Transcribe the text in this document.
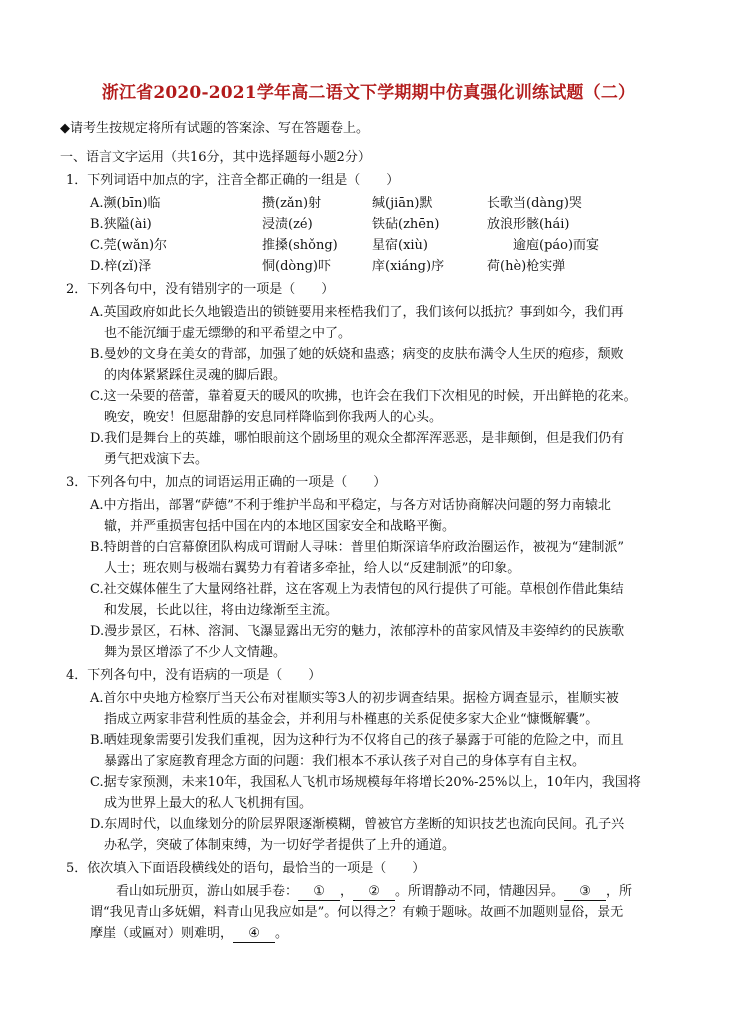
浙江省2020-2021学年高二语文下学期期中仿真强化训练试题（二）
◆请考生按规定将所有试题的答案涂、写在答题卷上。
一、语言文字运用（共16分，其中选择题每小题2分）
1．下列词语中加点的字，注音全都正确的一组是（　　）
A.濒(bīn)临	攒(zǎn)射	缄(jiān)默	长歌当(dàng)哭
B.狭隘(ài)	浸渍(zé)	铁砧(zhēn)	放浪形骸(hái)
C.莞(wǎn)尔	推搡(shǒng)	星宿(xiù)	逾庖(páo)而宴
D.梓(zǐ)泽	恫(dòng)吓	庠(xiáng)序	荷(hè)枪实弹
2．下列各句中，没有错别字的一项是（　　）
A.英国政府如此长久地锻造出的锁链要用来桎梏我们了，我们该何以抵抗？事到如今，我们再
也不能沉缅于虚无缥缈的和平希望之中了。
B.曼妙的文身在美女的背部，加强了她的妖娆和蛊惑；病变的皮肤布满令人生厌的疱疹，颓败
的肉体紧紧踩住灵魂的脚后跟。
C.这一朵要的蓓蕾，靠着夏天的暖风的吹拂，也许会在我们下次相见的时候，开出鲜艳的花来。
晚安，晚安！但愿甜静的安息同样降临到你我两人的心头。
D.我们是舞台上的英雄，哪怕眼前这个剧场里的观众全都浑浑恶恶，是非颠倒，但是我们仍有
勇气把戏演下去。
3．下列各句中，加点的词语运用正确的一项是（　　）
A.中方指出，部署“萨德”不利于维护半岛和平稳定，与各方对话协商解决问题的努力南辕北
辙，并严重损害包括中国在内的本地区国家安全和战略平衡。
B.特朗普的白宫幕僚团队构成可谓耐人寻味：普里伯斯深谙华府政治圈运作，被视为“建制派”
人士；班农则与极端右翼势力有着诸多牵扯，给人以“反建制派”的印象。
C.社交媒体催生了大量网络社群，这在客观上为表情包的风行提供了可能。草根创作借此集结
和发展，长此以往，将由边缘渐至主流。
D.漫步景区，石林、溶洞、飞瀑显露出无穷的魅力，浓郁淳朴的苗家风情及丰姿绰约的民族歌
舞为景区增添了不少人文情趣。
4．下列各句中，没有语病的一项是（　　）
A.首尔中央地方检察厅当天公布对崔顺实等3人的初步调查结果。据检方调查显示，崔顺实被
指成立两家非营利性质的基金会，并利用与朴槿惠的关系促使多家大企业“慷慨解囊”。
B.晒娃现象需要引发我们重视，因为这种行为不仅将自己的孩子暴露于可能的危险之中，而且
暴露出了家庭教育理念方面的问题：我们根本不承认孩子对自己的身体享有自主权。
C.据专家预测，未来10年，我国私人飞机市场规模每年将增长20%-25%以上，10年内，我国将
成为世界上最大的私人飞机拥有国。
D.东周时代，以血缘划分的阶层界限逐渐模糊，曾被官方垄断的知识技艺也流向民间。孔子兴
办私学，突破了体制束缚，为一切好学者提供了上升的通道。
5．依次填入下面语段横线处的语句，最恰当的一项是（　　）
看山如玩册页，游山如展手卷： ① ， ② 。所谓静动不同，情趣因异。 ③ ，所
谓“我见青山多妩媚，料青山见我应如是”。何以得之？有赖于题咏。故画不加题则显俗，景无
摩崖（或匾对）则难明， ④ 。
